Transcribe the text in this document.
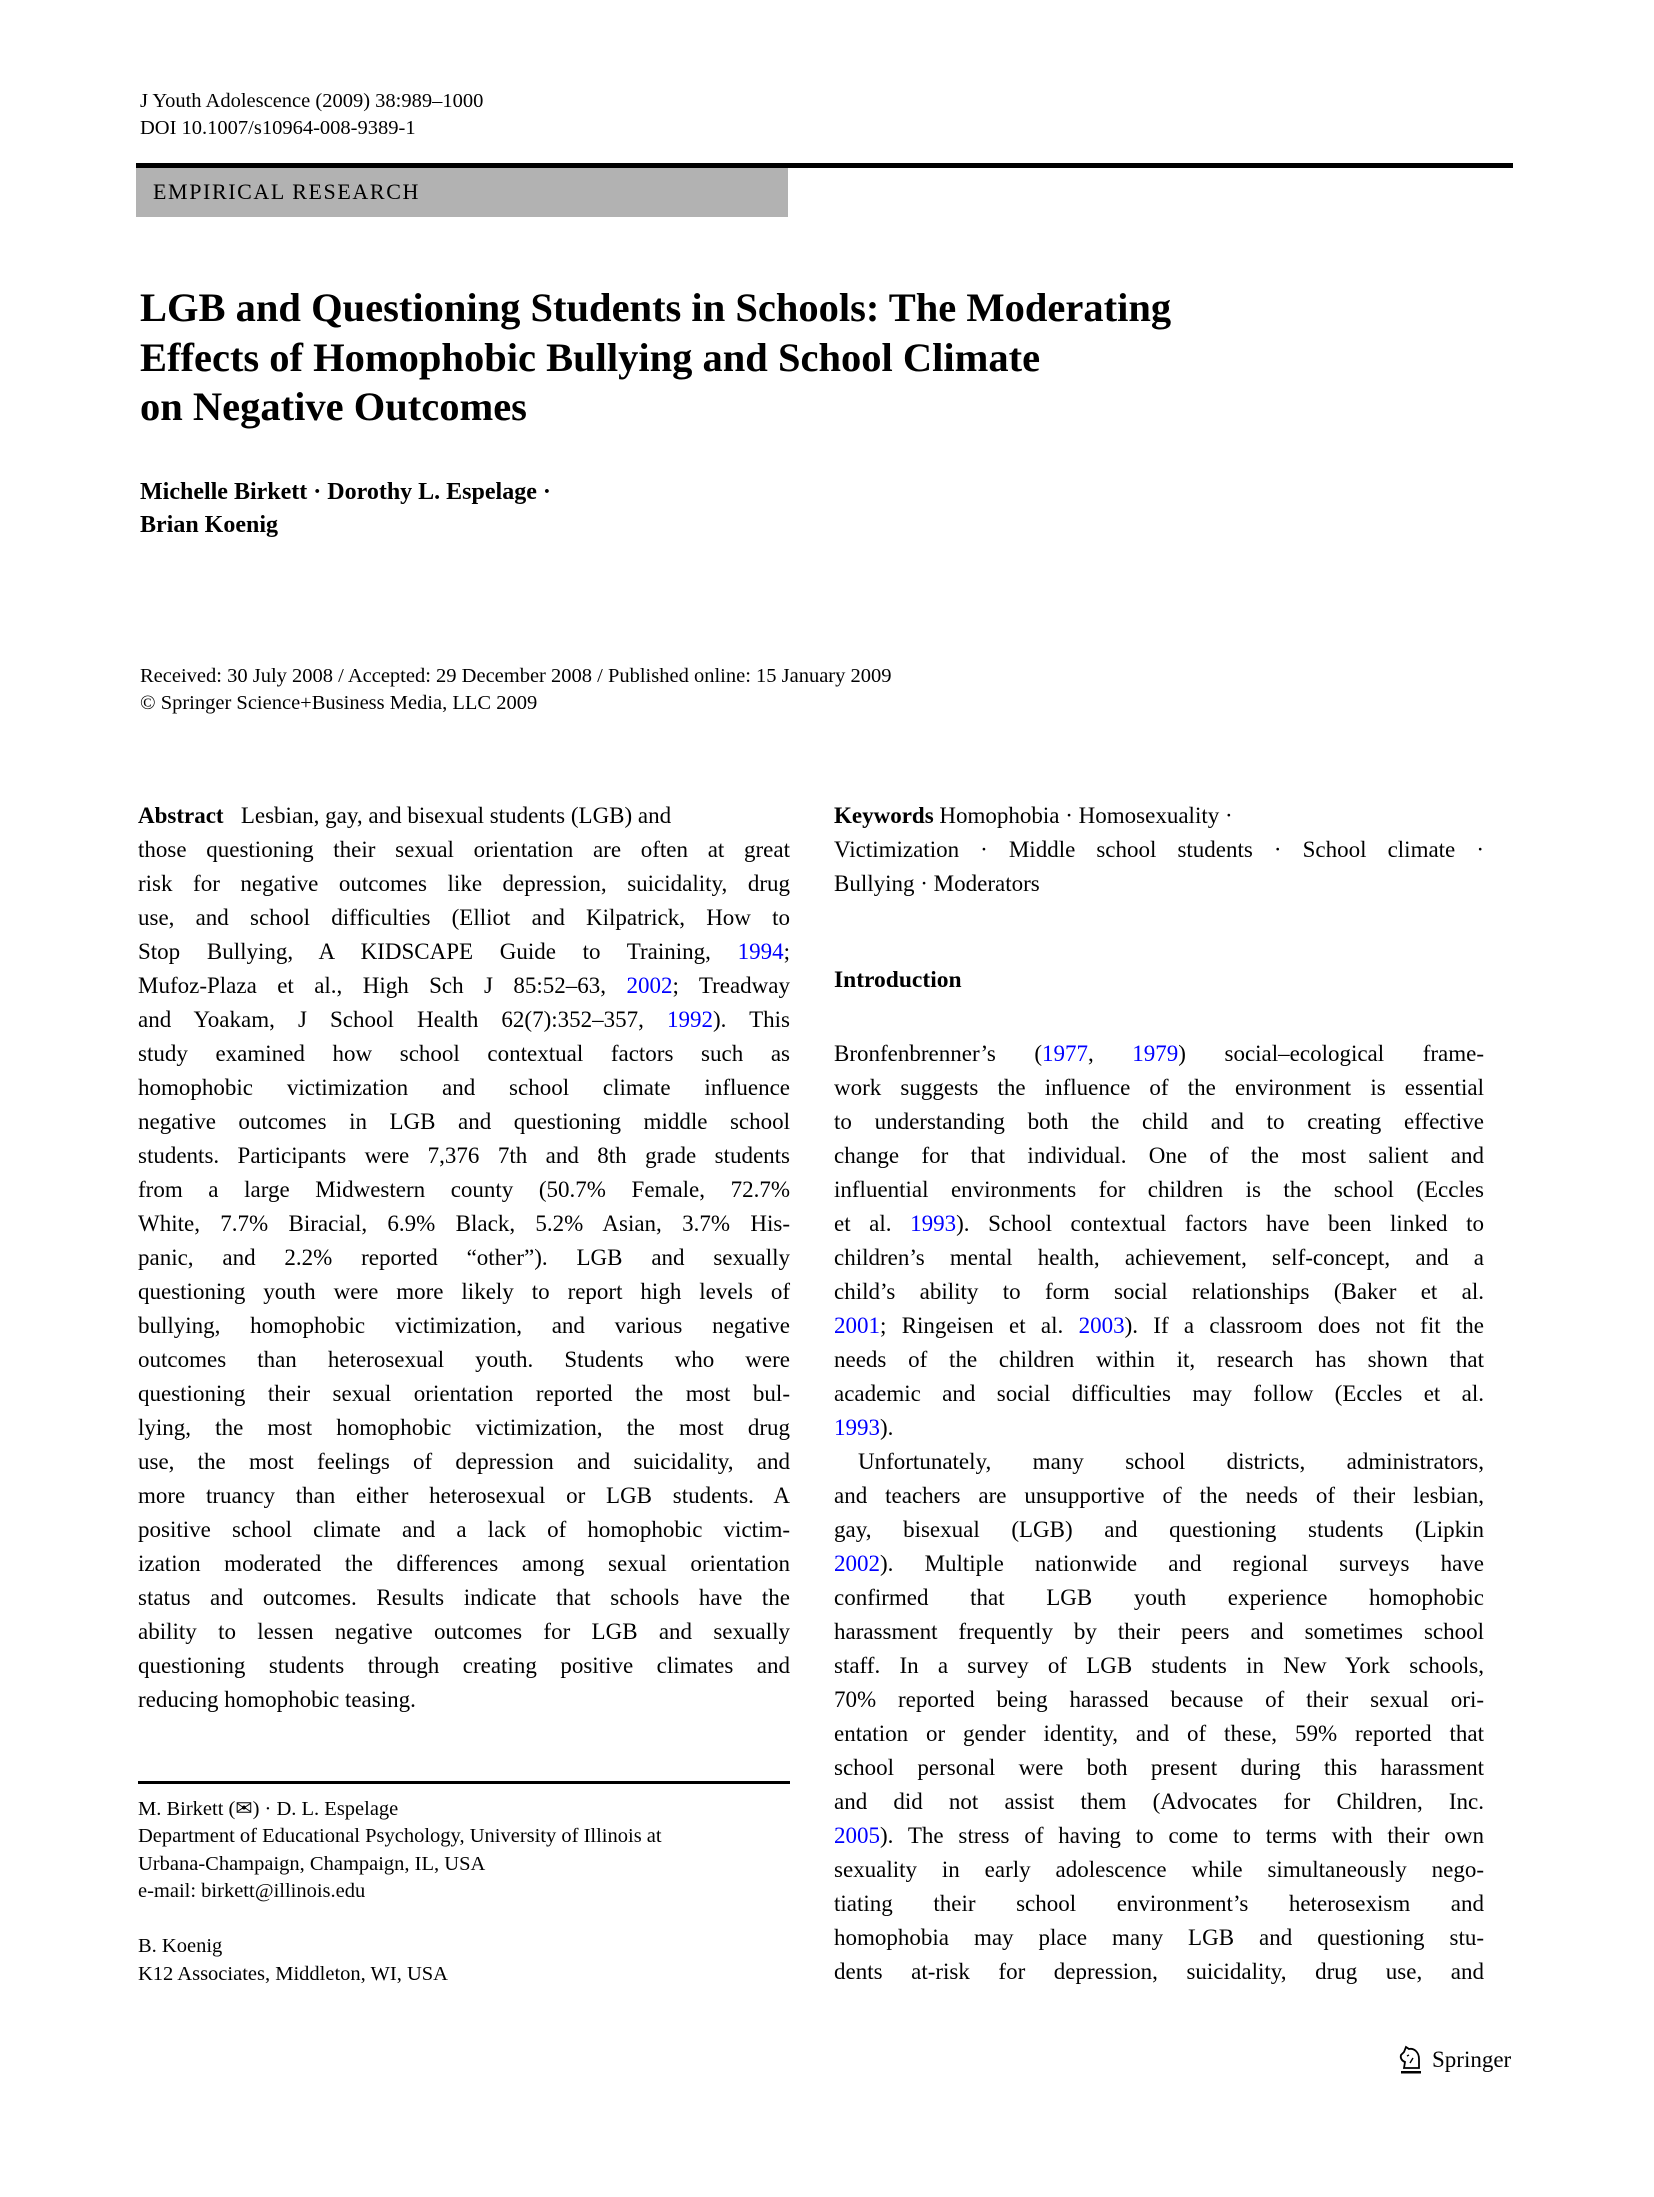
J Youth Adolescence (2009) 38:989–1000
DOI 10.1007/s10964-008-9389-1
EMPIRICAL RESEARCH
LGB and Questioning Students in Schools: The Moderating
Effects of Homophobic Bullying and School Climate
on Negative Outcomes
Michelle Birkett · Dorothy L. Espelage ·
Brian Koenig
Received: 30 July 2008 / Accepted: 29 December 2008 / Published online: 15 January 2009
© Springer Science+Business Media, LLC 2009
Abstract Lesbian, gay, and bisexual students (LGB) and
those questioning their sexual orientation are often at great
risk for negative outcomes like depression, suicidality, drug
use, and school difficulties (Elliot and Kilpatrick, How to
Stop Bullying, A KIDSCAPE Guide to Training, 1994;
Mufoz-Plaza et al., High Sch J 85:52–63, 2002; Treadway
and Yoakam, J School Health 62(7):352–357, 1992). This
study examined how school contextual factors such as
homophobic victimization and school climate influence
negative outcomes in LGB and questioning middle school
students. Participants were 7,376 7th and 8th grade students
from a large Midwestern county (50.7% Female, 72.7%
White, 7.7% Biracial, 6.9% Black, 5.2% Asian, 3.7% His-
panic, and 2.2% reported “other”). LGB and sexually
questioning youth were more likely to report high levels of
bullying, homophobic victimization, and various negative
outcomes than heterosexual youth. Students who were
questioning their sexual orientation reported the most bul-
lying, the most homophobic victimization, the most drug
use, the most feelings of depression and suicidality, and
more truancy than either heterosexual or LGB students. A
positive school climate and a lack of homophobic victim-
ization moderated the differences among sexual orientation
status and outcomes. Results indicate that schools have the
ability to lessen negative outcomes for LGB and sexually
questioning students through creating positive climates and
reducing homophobic teasing.
M. Birkett (✉) · D. L. Espelage
Department of Educational Psychology, University of Illinois at
Urbana-Champaign, Champaign, IL, USA
e-mail: birkett@illinois.edu
B. Koenig
K12 Associates, Middleton, WI, USA
Keywords Homophobia · Homosexuality ·
Victimization · Middle school students · School climate ·
Bullying · Moderators
Introduction
Bronfenbrenner’s (1977, 1979) social–ecological frame-
work suggests the influence of the environment is essential
to understanding both the child and to creating effective
change for that individual. One of the most salient and
influential environments for children is the school (Eccles
et al. 1993). School contextual factors have been linked to
children’s mental health, achievement, self-concept, and a
child’s ability to form social relationships (Baker et al.
2001; Ringeisen et al. 2003). If a classroom does not fit the
needs of the children within it, research has shown that
academic and social difficulties may follow (Eccles et al.
1993).
Unfortunately, many school districts, administrators,
and teachers are unsupportive of the needs of their lesbian,
gay, bisexual (LGB) and questioning students (Lipkin
2002). Multiple nationwide and regional surveys have
confirmed that LGB youth experience homophobic
harassment frequently by their peers and sometimes school
staff. In a survey of LGB students in New York schools,
70% reported being harassed because of their sexual ori-
entation or gender identity, and of these, 59% reported that
school personal were both present during this harassment
and did not assist them (Advocates for Children, Inc.
2005). The stress of having to come to terms with their own
sexuality in early adolescence while simultaneously nego-
tiating their school environment’s heterosexism and
homophobia may place many LGB and questioning stu-
dents at-risk for depression, suicidality, drug use, and
Springer
